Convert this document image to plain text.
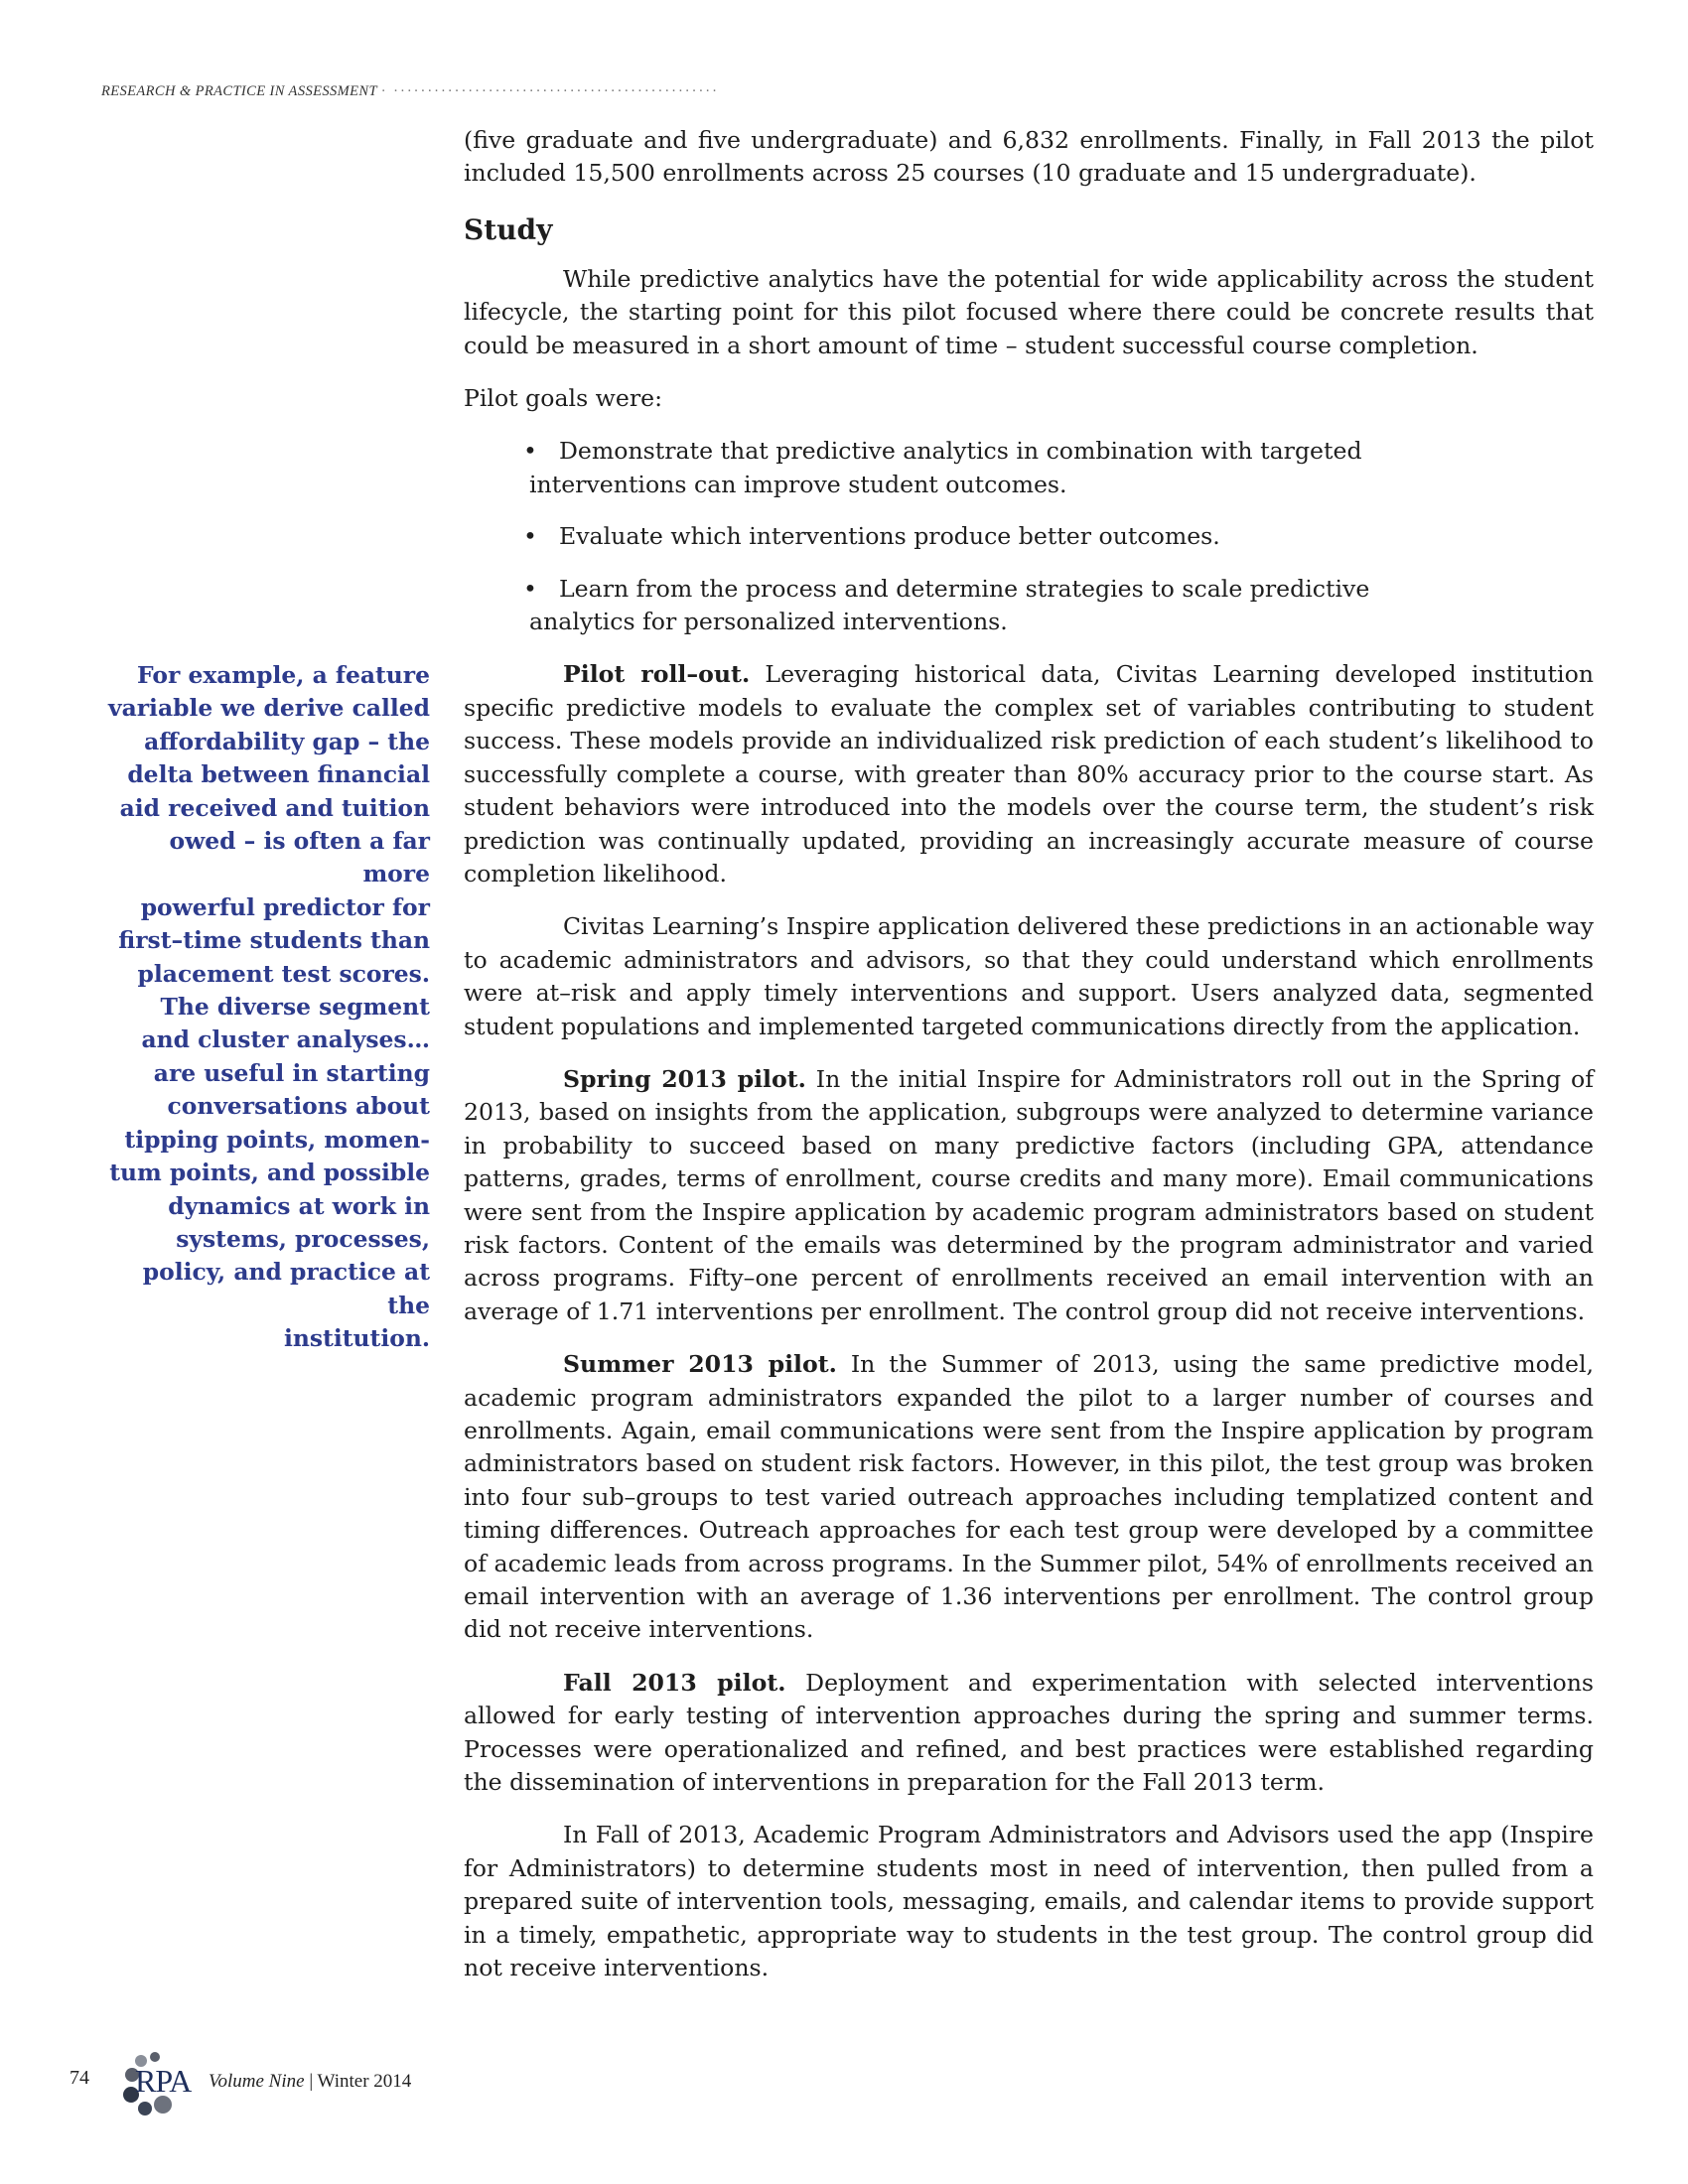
RESEARCH & PRACTICE IN ASSESSMENT · ················································

(five graduate and five undergraduate) and 6,832 enrollments. Finally, in Fall 2013 the pilot included 15,500 enrollments across 25 courses (10 graduate and 15 undergraduate).

Study

While predictive analytics have the potential for wide applicability across the student lifecycle, the starting point for this pilot focused where there could be concrete results that could be measured in a short amount of time – student successful course completion.

Pilot goals were:

• Demonstrate that predictive analytics in combination with targeted interventions can improve student outcomes.
• Evaluate which interventions produce better outcomes.
• Learn from the process and determine strategies to scale predictive analytics for personalized interventions.

Pilot roll–out. Leveraging historical data, Civitas Learning developed institution specific predictive models to evaluate the complex set of variables contributing to student success. These models provide an individualized risk prediction of each student’s likelihood to successfully complete a course, with greater than 80% accuracy prior to the course start. As student behaviors were introduced into the models over the course term, the student’s risk prediction was continually updated, providing an increasingly accurate measure of course completion likelihood.

Civitas Learning’s Inspire application delivered these predictions in an actionable way to academic administrators and advisors, so that they could understand which enrollments were at–risk and apply timely interventions and support. Users analyzed data, segmented student populations and implemented targeted communications directly from the application.

Spring 2013 pilot. In the initial Inspire for Administrators roll out in the Spring of 2013, based on insights from the application, subgroups were analyzed to determine variance in probability to succeed based on many predictive factors (including GPA, attendance patterns, grades, terms of enrollment, course credits and many more). Email communications were sent from the Inspire application by academic program administrators based on student risk factors. Content of the emails was determined by the program administrator and varied across programs. Fifty–one percent of enrollments received an email intervention with an average of 1.71 interventions per enrollment. The control group did not receive interventions.

Summer 2013 pilot. In the Summer of 2013, using the same predictive model, academic program administrators expanded the pilot to a larger number of courses and enrollments. Again, email communications were sent from the Inspire application by program administrators based on student risk factors. However, in this pilot, the test group was broken into four sub–groups to test varied outreach approaches including templatized content and timing differences. Outreach approaches for each test group were developed by a committee of academic leads from across programs. In the Summer pilot, 54% of enrollments received an email intervention with an average of 1.36 interventions per enrollment. The control group did not receive interventions.

Fall 2013 pilot. Deployment and experimentation with selected interventions allowed for early testing of intervention approaches during the spring and summer terms. Processes were operationalized and refined, and best practices were established regarding the dissemination of interventions in preparation for the Fall 2013 term.

In Fall of 2013, Academic Program Administrators and Advisors used the app (Inspire for Administrators) to determine students most in need of intervention, then pulled from a prepared suite of intervention tools, messaging, emails, and calendar items to provide support in a timely, empathetic, appropriate way to students in the test group. The control group did not receive interventions.

For example, a feature
variable we derive called
affordability gap – the
delta between financial
aid received and tuition
owed – is often a far more
powerful predictor for
first–time students than
placement test scores.
The diverse segment
and cluster analyses…
are useful in starting
conversations about
tipping points, momen-
tum points, and possible
dynamics at work in
systems, processes,
policy, and practice at the
institution.
74 RPA Volume Nine | Winter 2014
